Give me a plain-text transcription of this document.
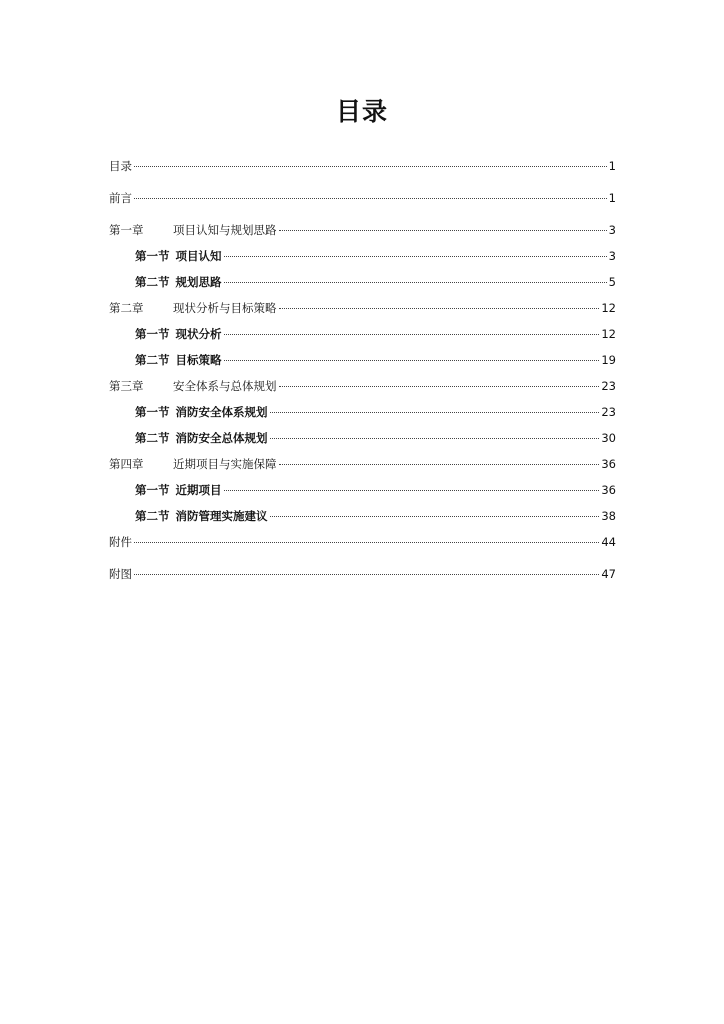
目录
目录	1
前言	1
第一章	项目认知与规划思路	3
第一节 项目认知	3
第二节 规划思路	5
第二章	现状分析与目标策略	12
第一节 现状分析	12
第二节 目标策略	19
第三章	安全体系与总体规划	23
第一节 消防安全体系规划	23
第二节 消防安全总体规划	30
第四章	近期项目与实施保障	36
第一节 近期项目	36
第二节 消防管理实施建议	38
附件	44
附图	47
